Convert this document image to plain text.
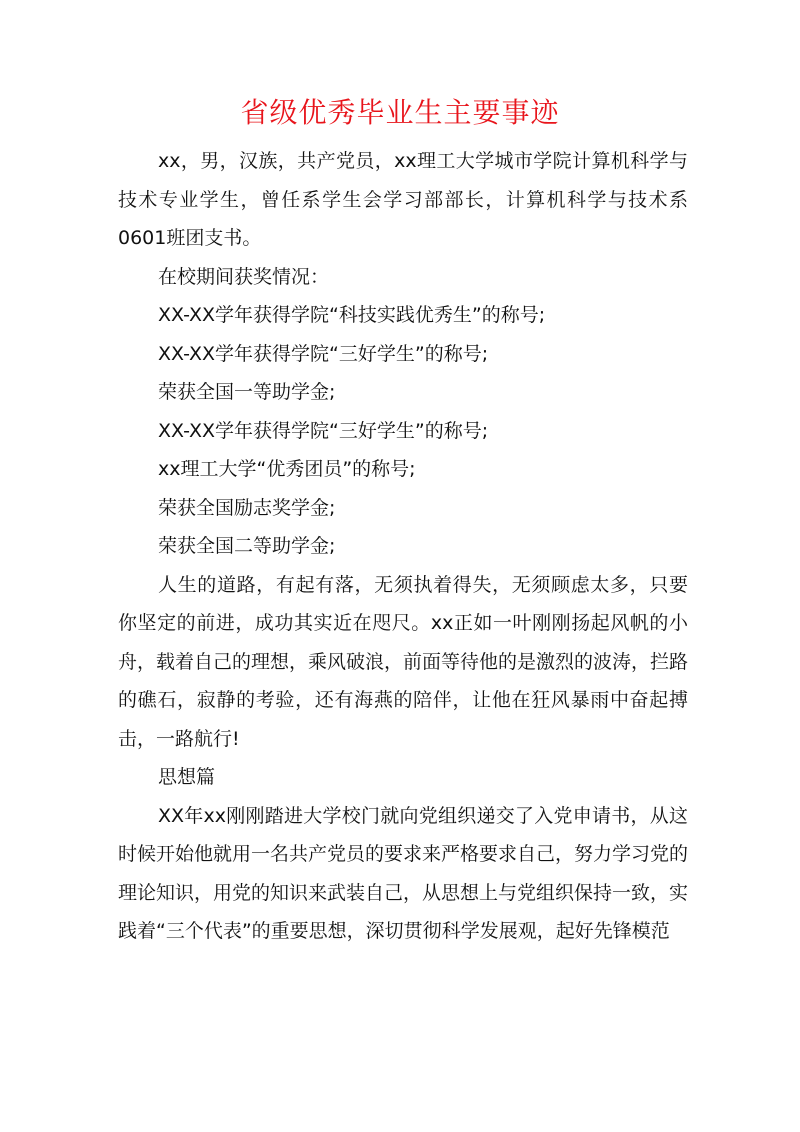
省级优秀毕业生主要事迹

xx，男，汉族，共产党员，xx理工大学城市学院计算机科学与技术专业学生，曾任系学生会学习部部长，计算机科学与技术系0601班团支书。

在校期间获奖情况：

XX-XX学年获得学院“科技实践优秀生”的称号;

XX-XX学年获得学院“三好学生”的称号;

荣获全国一等助学金;

XX-XX学年获得学院“三好学生”的称号;

xx理工大学“优秀团员”的称号;

荣获全国励志奖学金;

荣获全国二等助学金;

人生的道路，有起有落，无须执着得失，无须顾虑太多，只要你坚定的前进，成功其实近在咫尺。xx正如一叶刚刚扬起风帆的小舟，载着自己的理想，乘风破浪，前面等待他的是激烈的波涛，拦路的礁石，寂静的考验，还有海燕的陪伴，让他在狂风暴雨中奋起搏击，一路航行!

思想篇

XX年xx刚刚踏进大学校门就向党组织递交了入党申请书，从这时候开始他就用一名共产党员的要求来严格要求自己，努力学习党的理论知识，用党的知识来武装自己，从思想上与党组织保持一致，实践着“三个代表”的重要思想，深切贯彻科学发展观，起好先锋模范
